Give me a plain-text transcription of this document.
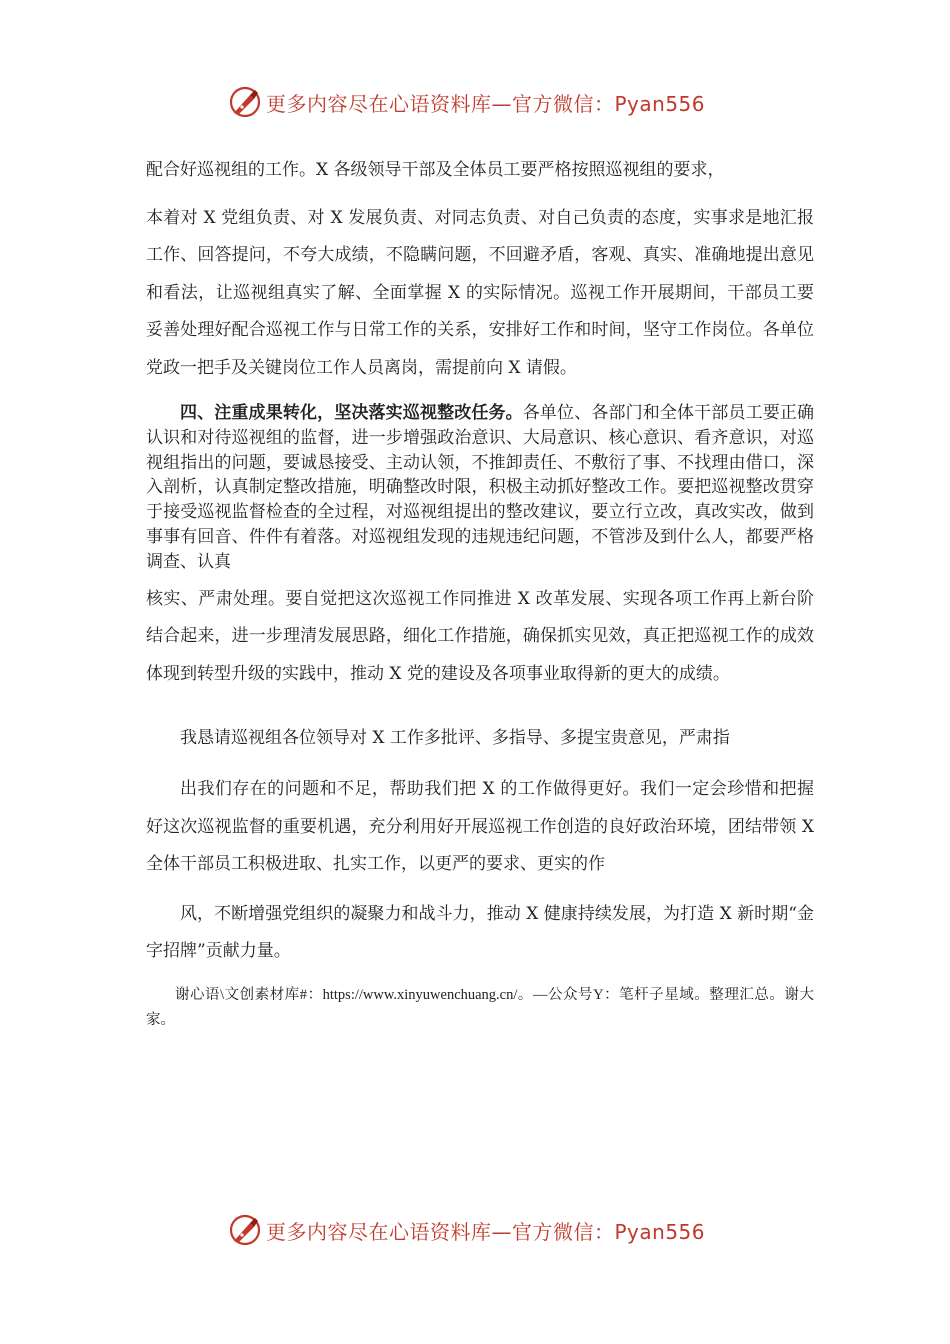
更多内容尽在心语资料库—官方微信：Pyan556

配合好巡视组的工作。X 各级领导干部及全体员工要严格按照巡视组的要求，
本着对 X 党组负责、对 X 发展负责、对同志负责、对自己负责的态度，实事求是地汇报工作、回答提问，不夸大成绩，不隐瞒问题，不回避矛盾，客观、真实、准确地提出意见和看法，让巡视组真实了解、全面掌握 X 的实际情况。巡视工作开展期间，干部员工要妥善处理好配合巡视工作与日常工作的关系，安排好工作和时间，坚守工作岗位。各单位党政一把手及关键岗位工作人员离岗，需提前向 X 请假。

四、注重成果转化，坚决落实巡视整改任务。各单位、各部门和全体干部员工要正确认识和对待巡视组的监督，进一步增强政治意识、大局意识、核心意识、看齐意识，对巡视组指出的问题，要诚恳接受、主动认领，不推卸责任、不敷衍了事、不找理由借口，深入剖析，认真制定整改措施，明确整改时限，积极主动抓好整改工作。要把巡视整改贯穿于接受巡视监督检查的全过程，对巡视组提出的整改建议，要立行立改，真改实改，做到事事有回音、件件有着落。对巡视组发现的违规违纪问题，不管涉及到什么人，都要严格调查、认真
核实、严肃处理。要自觉把这次巡视工作同推进 X 改革发展、实现各项工作再上新台阶结合起来，进一步理清发展思路，细化工作措施，确保抓实见效，真正把巡视工作的成效体现到转型升级的实践中，推动 X 党的建设及各项事业取得新的更大的成绩。

我恳请巡视组各位领导对 X 工作多批评、多指导、多提宝贵意见，严肃指

出我们存在的问题和不足，帮助我们把 X 的工作做得更好。我们一定会珍惜和把握好这次巡视监督的重要机遇，充分利用好开展巡视工作创造的良好政治环境，团结带领 X 全体干部员工积极进取、扎实工作，以更严的要求、更实的作

风，不断增强党组织的凝聚力和战斗力，推动 X 健康持续发展，为打造 X 新时期“金字招牌”贡献力量。

谢心语\文创素材库#：https://www.xinyuwenchuang.cn/。—公众号Y：笔杆子星域。整理汇总。谢大家。

更多内容尽在心语资料库—官方微信：Pyan556
